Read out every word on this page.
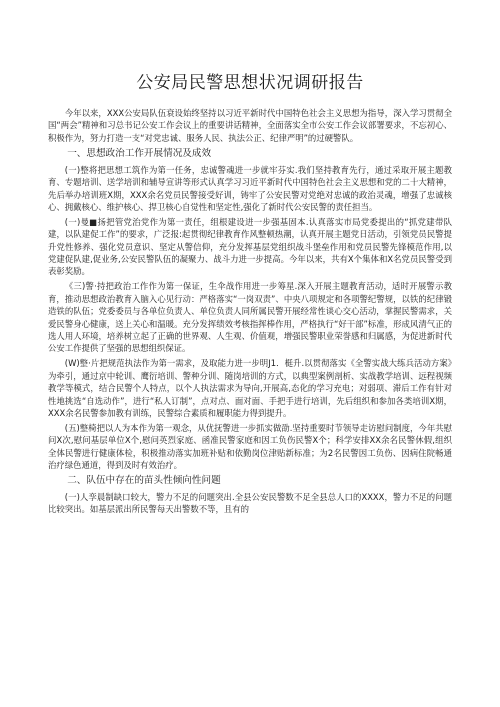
公安局民警思想状况调研报告

今年以来，XXX公安局队伍衰设始终坚持以习近平新时代中国特色社会主义思想为指导，深入学习贯彻全国“两会”精神和习总书记公安工作会议上的重要讲话精神，全面落实全市公安工作会议部署要求，不忘初心、积极作为，努力打造一支“对党忠诚、服务人民、执法公正、纪律严明”的过硬警队。

一、思想政治工作开展情况及成效

(一)整将把思想工筑作为第一任务，忠诚警魂进一步就牢芬实.我们坚持教育先行，通过采取开展主题教育、专题培训、送学培训和辅导宣讲等形式认真学习习近平新时代中国特色社会主义思想和党的二十大精神，先后举办培训班X期，XXX余名党员民警接受好训，铸牢了公安民警对党绝对忠诚的政治灵魂，增强了忠诚核心、拥戴核心、维护核心、捍卫核心自觉性和坚定性,强化了新时代公安民警的责任担当。

(一)曼■扬把管党治党作为第一责任，组根建设进一步强基固本.认真落实市局党委提出的“抓党建带队建，以队建促工作”的要求，广泛报:起贯彻纪律教育作风整顿热潮，认真开展主题党日活动，引领党员民警提升党性修养、强化党员意识、坚定从警信仰，充分发挥基层党组织战斗堡垒作用和党员民警先锋模范作用,以党建促队建,促业务,公安民警队伍的凝聚力、战斗力进一步提高。今年以来，共有X个集体和X名党员民警受到表彰奖励。

《三)警·持把政治工作作为第一保证，生伞战作用进一步筹星.深入开展主题教育活动，适时开展警示教育，推动思想政治教育入脑入心见行动：严格落实“一岗双责”、中央八项规定和各项警纪警规，以铁的纪律锻造铁的队伍；党委委员与各单位负责人、单位负责人同所属民警开展经常性谈心交心活动，掌握民警需求，关爱民警身心健康，送上关心和温暖。充分发挥绩效考核指挥棒作用，严格执行“好干部”标准，形成风清气正的选人用人环境，培养树立起了正确的世界观、人生观、价值观，增强民警职业荣誉感和归属感，为促进新时代公安工作提供了坚强的思想组织保证。

(W)整·片把规范执法作为第一需求，及取能力进一步明J1．梃升.以贯彻落实《全警实战大练兵活动方案》为牵引，通过京中轮训、鹰衍培训、警种分训、随岗培训的方式，以典型案例剖析、实战教学培训、远程视频教学等模式，结合民警个人特点，以个人执法需求为导向,开展高,态化的学习充电；对弱项、滞后工作有针对性地挑选“自选动作”，进行“私人订制”，点对点、面对面、手把手进行培训，先后组织和参加各类培训X期，XXX余名民警参加教有训练，民警综合素质和履职能力得到提升。

(五)整椅把以人为本作为第一观念，从优抚警进一步抓实做劭.坚持重要时节领导走访慰问制度，今年共慰问X次,慰问基层单位X个,慰问英烈家庭、函准民警家庭和因工负伤民警X个；科学安排XX余名民警休假,组织全体民警进行健康体检，积极推动落实加班补贴和依勤岗位津贴新标准；为2名民警因工负伤、因病住院畅通治疗绿色通道，得到及时有效治疗。

二、队伍中存在的苗头性倾向性问题

(一)人孪晨制缺口较大，警力不足的问题突出.全县公安民警数不足全县总人口的XXXX，警力不足的问题比较突出。如基层派出所民警每天出警数不等，且有的
